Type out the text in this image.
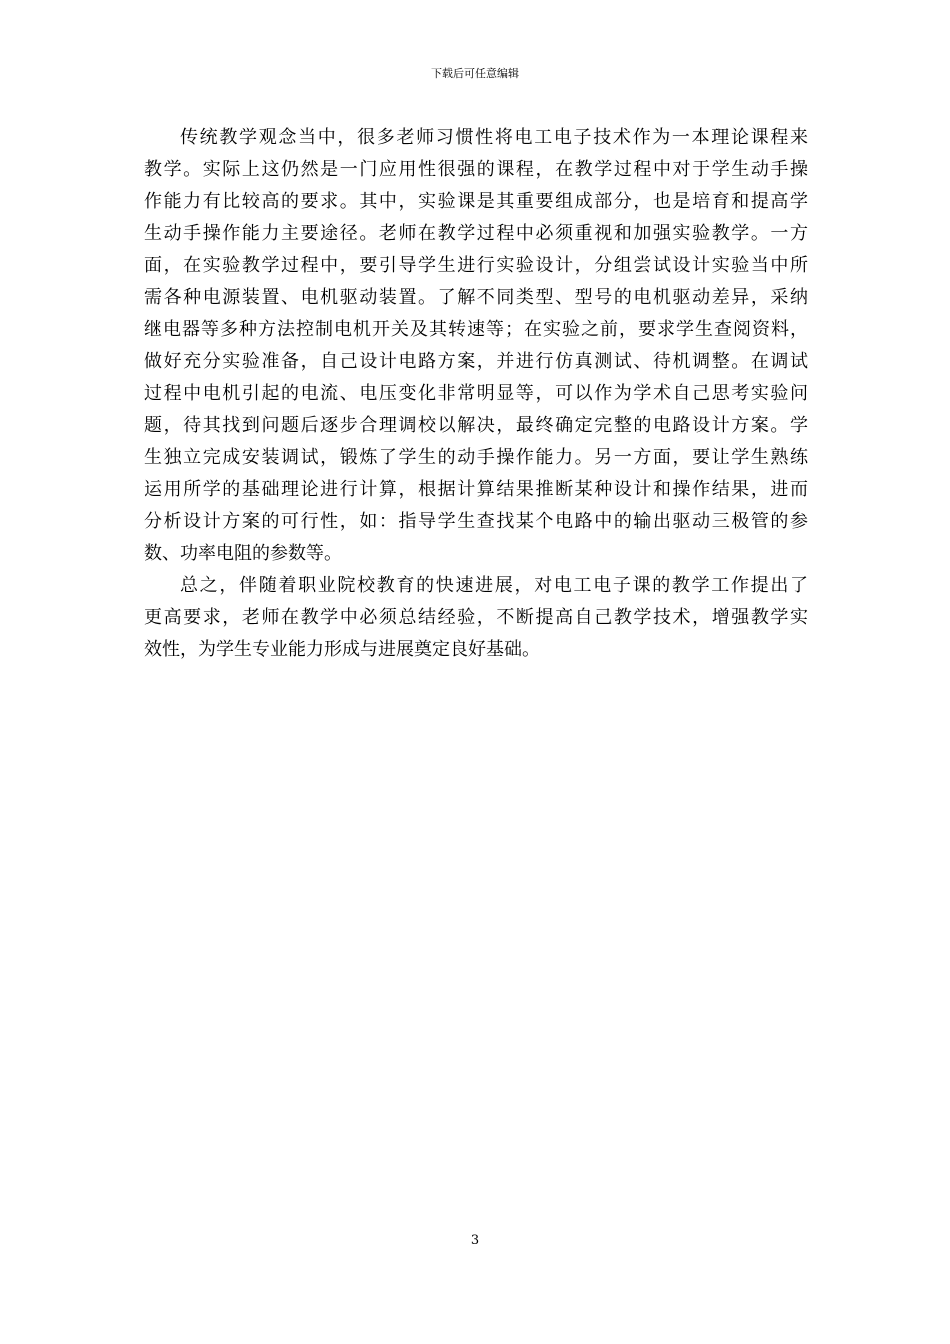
下载后可任意编辑

传统教学观念当中，很多老师习惯性将电工电子技术作为一本理论课程来
教学。实际上这仍然是一门应用性很强的课程，在教学过程中对于学生动手操
作能力有比较高的要求。其中，实验课是其重要组成部分，也是培育和提高学
生动手操作能力主要途径。老师在教学过程中必须重视和加强实验教学。一方
面，在实验教学过程中，要引导学生进行实验设计，分组尝试设计实验当中所
需各种电源装置、电机驱动装置。了解不同类型、型号的电机驱动差异，采纳
继电器等多种方法控制电机开关及其转速等；在实验之前，要求学生查阅资料，
做好充分实验准备，自己设计电路方案，并进行仿真测试、待机调整。在调试
过程中电机引起的电流、电压变化非常明显等，可以作为学术自己思考实验问
题，待其找到问题后逐步合理调校以解决，最终确定完整的电路设计方案。学
生独立完成安装调试，锻炼了学生的动手操作能力。另一方面，要让学生熟练
运用所学的基础理论进行计算，根据计算结果推断某种设计和操作结果，进而
分析设计方案的可行性，如：指导学生查找某个电路中的输出驱动三极管的参
数、功率电阻的参数等。

总之，伴随着职业院校教育的快速进展，对电工电子课的教学工作提出了
更高要求，老师在教学中必须总结经验，不断提高自己教学技术，增强教学实
效性，为学生专业能力形成与进展奠定良好基础。

3
